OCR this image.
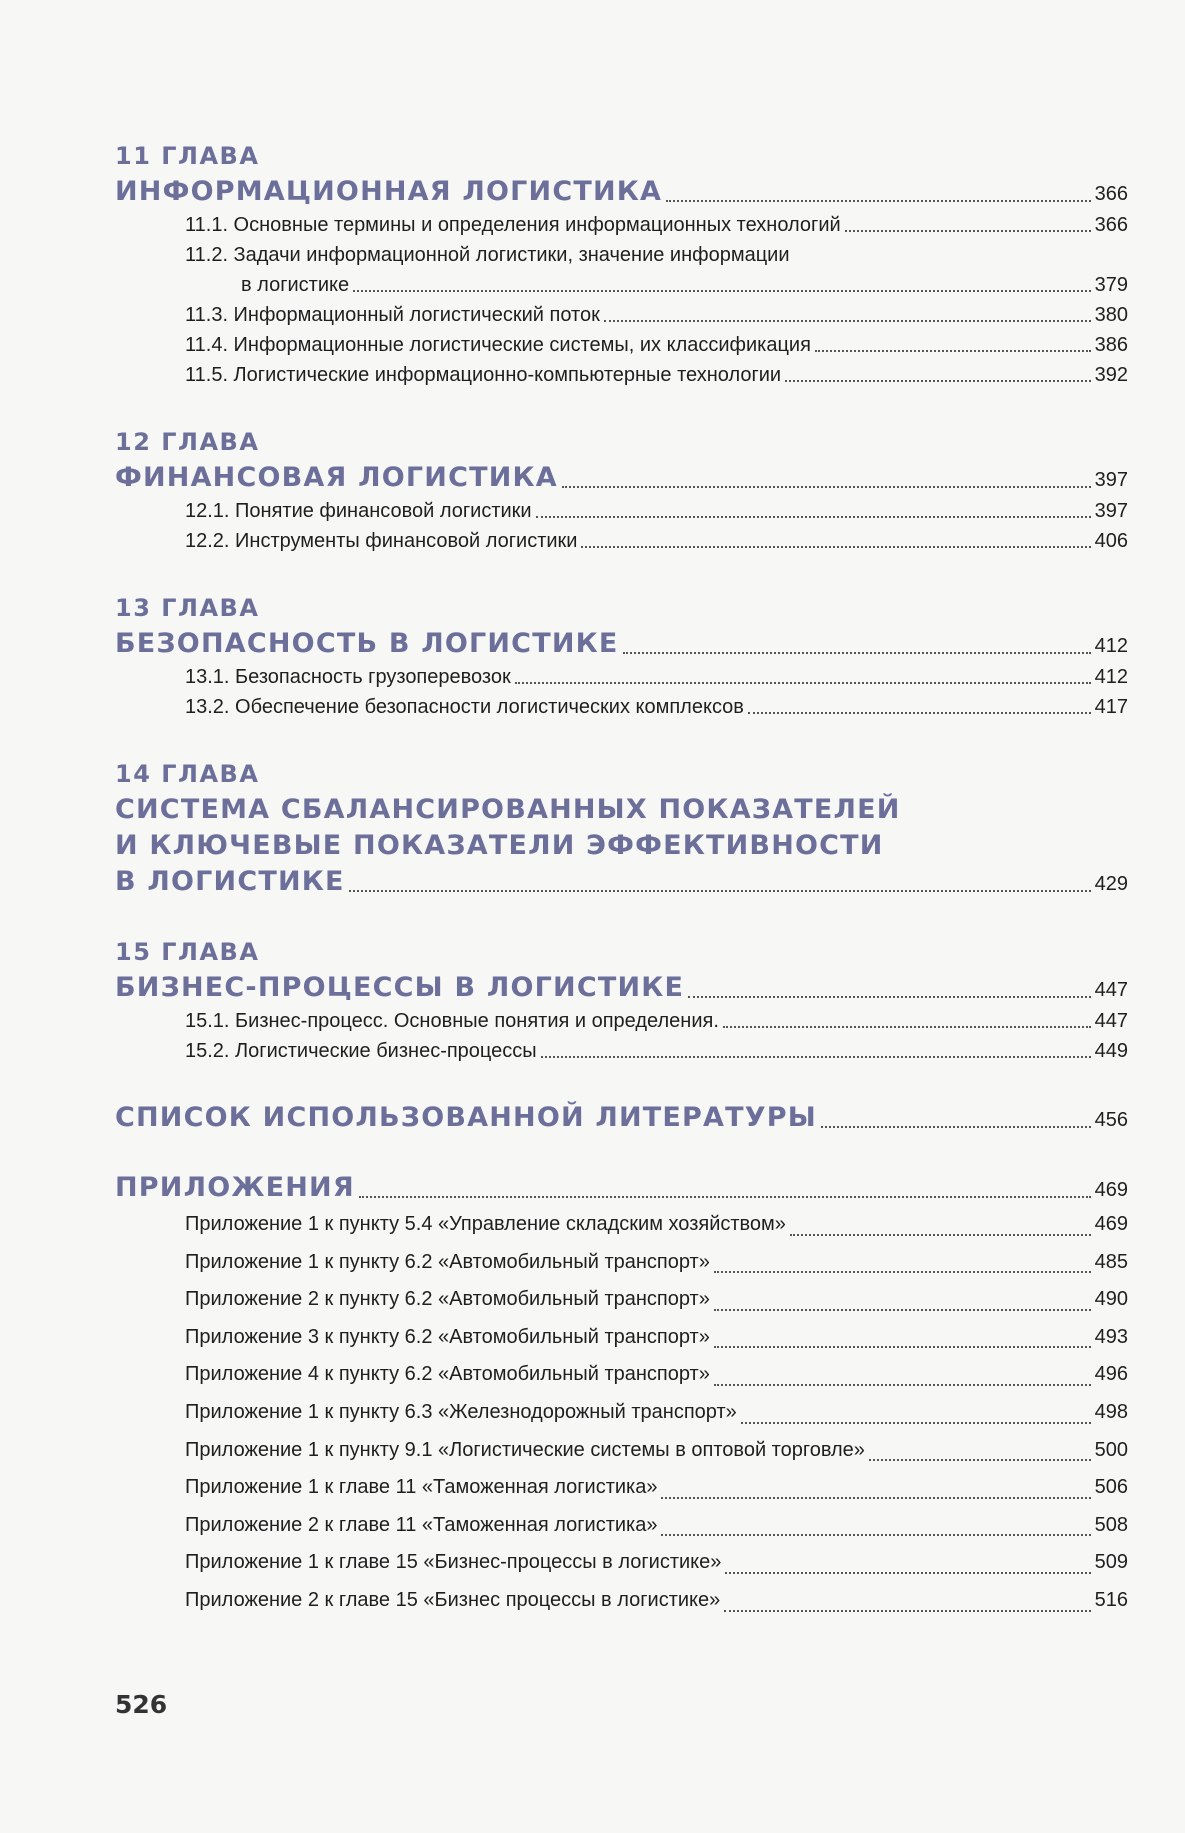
11 ГЛАВА
ИНФОРМАЦИОННАЯ ЛОГИСТИКА	366
11.1. Основные термины и определения информационных технологий	366
11.2. Задачи информационной логистики, значение информации
в логистике	379
11.3. Информационный логистический поток	380
11.4. Информационные логистические системы, их классификация	386
11.5. Логистические информационно-компьютерные технологии	392
12 ГЛАВА
ФИНАНСОВАЯ ЛОГИСТИКА	397
12.1. Понятие финансовой логистики	397
12.2. Инструменты финансовой логистики	406
13 ГЛАВА
БЕЗОПАСНОСТЬ В ЛОГИСТИКЕ	412
13.1. Безопасность грузоперевозок	412
13.2. Обеспечение безопасности логистических комплексов	417
14 ГЛАВА
СИСТЕМА СБАЛАНСИРОВАННЫХ ПОКАЗАТЕЛЕЙ
И КЛЮЧЕВЫЕ ПОКАЗАТЕЛИ ЭФФЕКТИВНОСТИ
В ЛОГИСТИКЕ	429
15 ГЛАВА
БИЗНЕС-ПРОЦЕССЫ В ЛОГИСТИКЕ	447
15.1. Бизнес-процесс. Основные понятия и определения.	447
15.2. Логистические бизнес-процессы	449
СПИСОК ИСПОЛЬЗОВАННОЙ ЛИТЕРАТУРЫ	456
ПРИЛОЖЕНИЯ	469
Приложение 1 к пункту 5.4 «Управление складским хозяйством»	469
Приложение 1 к пункту 6.2 «Автомобильный транспорт»	485
Приложение 2 к пункту 6.2 «Автомобильный транспорт»	490
Приложение 3 к пункту 6.2 «Автомобильный транспорт»	493
Приложение 4 к пункту 6.2 «Автомобильный транспорт»	496
Приложение 1 к пункту 6.3 «Железнодорожный транспорт»	498
Приложение 1 к пункту 9.1 «Логистические системы в оптовой торговле»	500
Приложение 1 к главе 11 «Таможенная логистика»	506
Приложение 2 к главе 11 «Таможенная логистика»	508
Приложение 1 к главе 15 «Бизнес-процессы в логистике»	509
Приложение 2 к главе 15 «Бизнес процессы в логистике»	516
526
